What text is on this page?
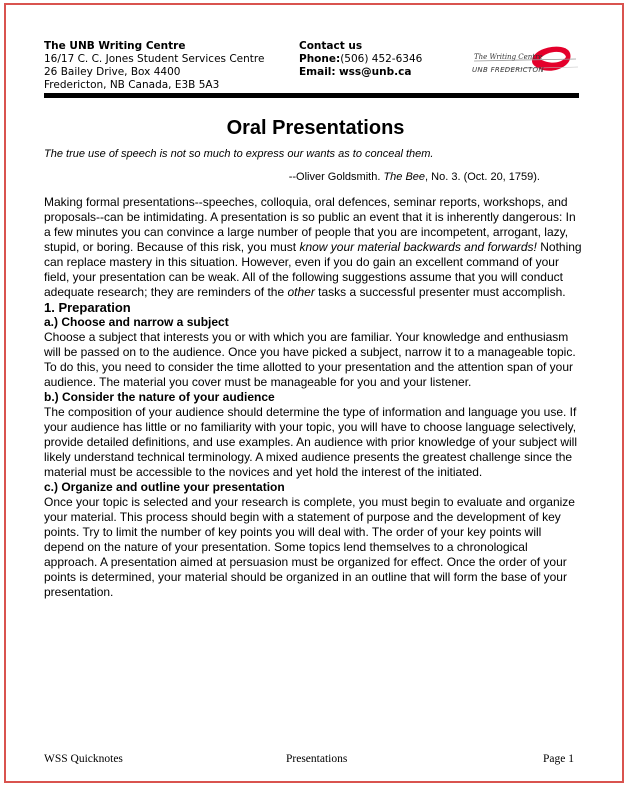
The UNB Writing Centre
16/17 C. C. Jones Student Services Centre
26 Bailey Drive, Box 4400
Fredericton, NB Canada, E3B 5A3
Contact us
Phone:(506) 452-6346
Email: wss@unb.ca
The Writing Centre
UNB FREDERICTON
Oral Presentations
The true use of speech is not so much to express our wants as to conceal them.
--Oliver Goldsmith. The Bee, No. 3. (Oct. 20, 1759).

Making formal presentations--speeches, colloquia, oral defences, seminar reports, workshops, and proposals--can be intimidating. A presentation is so public an event that it is inherently dangerous: In a few minutes you can convince a large number of people that you are incompetent, arrogant, lazy, stupid, or boring. Because of this risk, you must know your material backwards and forwards! Nothing can replace mastery in this situation. However, even if you do gain an excellent command of your field, your presentation can be weak. All of the following suggestions assume that you will conduct adequate research; they are reminders of the other tasks a successful presenter must accomplish.

1. Preparation

a.) Choose and narrow a subject

Choose a subject that interests you or with which you are familiar. Your knowledge and enthusiasm will be passed on to the audience. Once you have picked a subject, narrow it to a manageable topic. To do this, you need to consider the time allotted to your presentation and the attention span of your audience. The material you cover must be manageable for you and your listener.

b.) Consider the nature of your audience

The composition of your audience should determine the type of information and language you use. If your audience has little or no familiarity with your topic, you will have to choose language selectively, provide detailed definitions, and use examples. An audience with prior knowledge of your subject will likely understand technical terminology. A mixed audience presents the greatest challenge since the material must be accessible to the novices and yet hold the interest of the initiated.

c.) Organize and outline your presentation

Once your topic is selected and your research is complete, you must begin to evaluate and organize your material. This process should begin with a statement of purpose and the development of key points. Try to limit the number of key points you will deal with. The order of your key points will depend on the nature of your presentation. Some topics lend themselves to a chronological approach. A presentation aimed at persuasion must be organized for effect. Once the order of your points is determined, your material should be organized in an outline that will form the base of your presentation.

WSS Quicknotes	Presentations	Page 1
